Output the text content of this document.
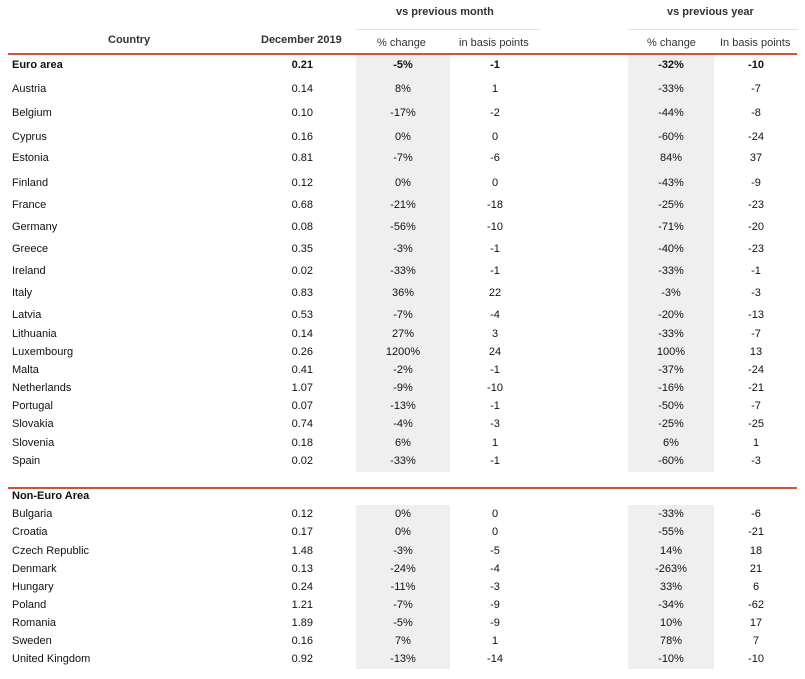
vs previous month	vs previous year
Country	December 2019	% change	in basis points	% change In basis points
Euro area	0.21	-5%	-1	-32%	-10
Austria	0.14	8%	1	-33%	-7
Belgium	0.10	-17%	-2	-44%	-8
Cyprus	0.16	0%	0	-60%	-24
Estonia	0.81	-7%	-6	84%	37
Finland	0.12	0%	0	-43%	-9
France	0.68	-21%	-18	-25%	-23
Germany	0.08	-56%	-10	-71%	-20
Greece	0.35	-3%	-1	-40%	-23
Ireland	0.02	-33%	-1	-33%	-1
Italy	0.83	36%	22	-3%	-3
Latvia	0.53	-7%	-4	-20%	-13
Lithuania	0.14	27%	3	-33%	-7
Luxembourg	0.26	1200%	24	100%	13
Malta	0.41	-2%	-1	-37%	-24
Netherlands	1.07	-9%	-10	-16%	-21
Portugal	0.07	-13%	-1	-50%	-7
Slovakia	0.74	-4%	-3	-25%	-25
Slovenia	0.18	6%	1	6%	1
Spain	0.02	-33%	-1	-60%	-3
Non-Euro Area
Bulgaria	0.12	0%	0	-33%	-6
Croatia	0.17	0%	0	-55%	-21
Czech Republic	1.48	-3%	-5	14%	18
Denmark	0.13	-24%	-4	-263%	21
Hungary	0.24	-11%	-3	33%	6
Poland	1.21	-7%	-9	-34%	-62
Romania	1.89	-5%	-9	10%	17
Sweden	0.16	7%	1	78%	7
United Kingdom	0.92	-13%	-14	-10%	-10
